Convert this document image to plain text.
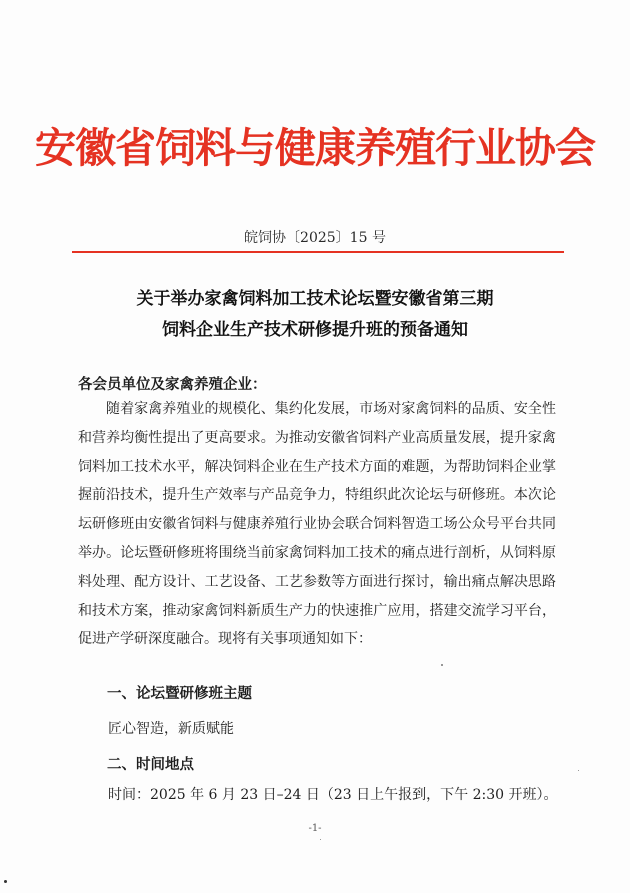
安徽省饲料与健康养殖行业协会
皖饲协〔2025〕15 号
关于举办家禽饲料加工技术论坛暨安徽省第三期
饲料企业生产技术研修提升班的预备通知
各会员单位及家禽养殖企业：

随着家禽养殖业的规模化、集约化发展，市场对家禽饲料的品质、安全性和营养均衡性提出了更高要求。为推动安徽省饲料产业高质量发展，提升家禽饲料加工技术水平，解决饲料企业在生产技术方面的难题，为帮助饲料企业掌握前沿技术，提升生产效率与产品竞争力，特组织此次论坛与研修班。本次论坛研修班由安徽省饲料与健康养殖行业协会联合饲料智造工场公众号平台共同举办。论坛暨研修班将围绕当前家禽饲料加工技术的痛点进行剖析，从饲料原料处理、配方设计、工艺设备、工艺参数等方面进行探讨，输出痛点解决思路和技术方案，推动家禽饲料新质生产力的快速推广应用，搭建交流学习平台，促进产学研深度融合。现将有关事项通知如下：

一、论坛暨研修班主题
匠心智造，新质赋能
二、时间地点
时间：2025 年 6 月 23 日–24 日（23 日上午报到，下午 2:30 开班）。
-1-
